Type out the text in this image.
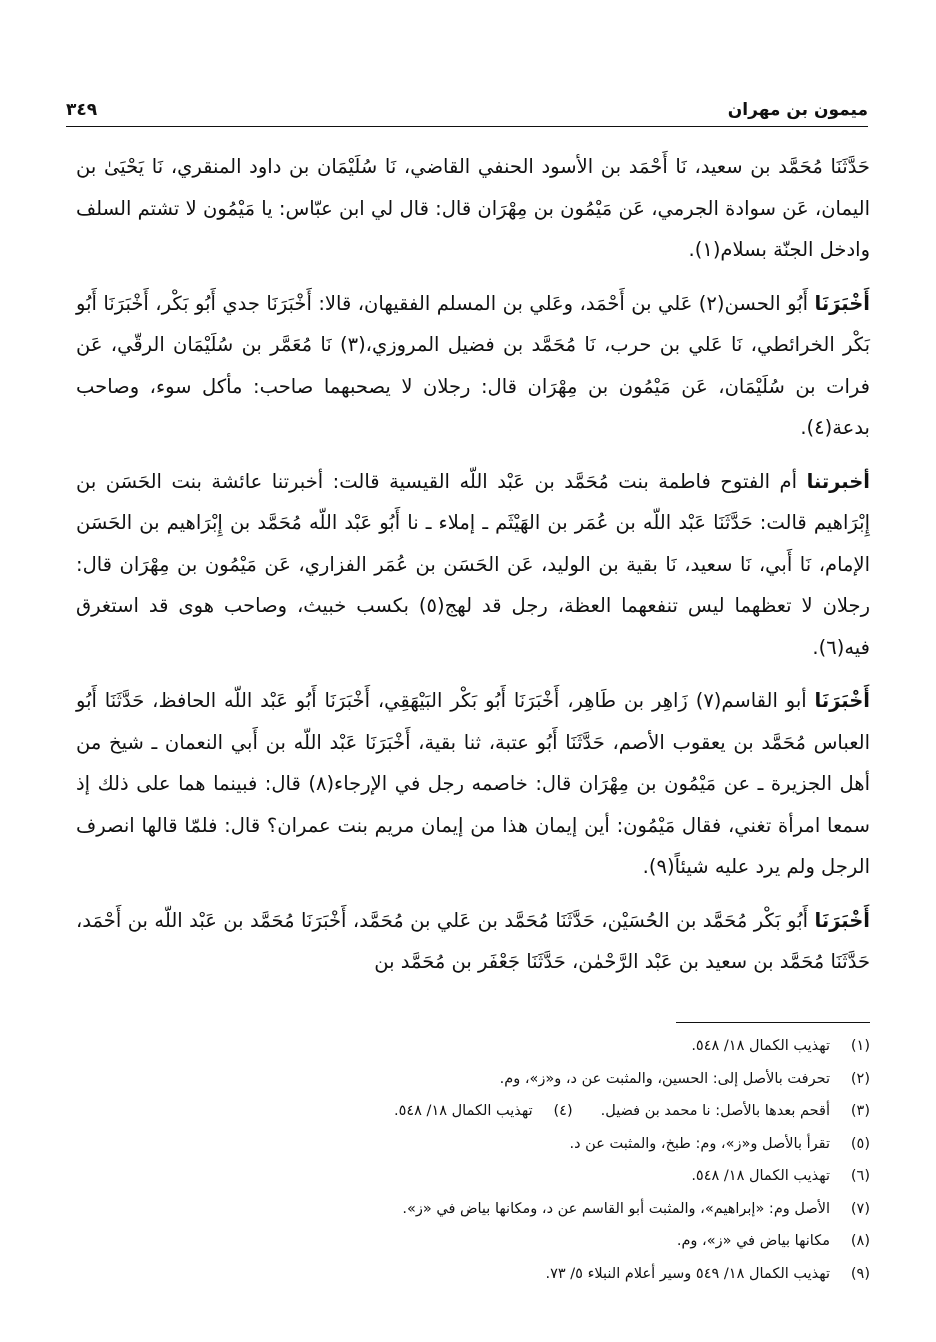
ميمون بن مهران
٣٤٩

حَدَّثَنَا مُحَمَّد بن سعيد، نَا أَحْمَد بن الأسود الحنفي القاضي، نَا سُلَيْمَان بن داود المنقري، نَا يَحْيَىٰ بن اليمان، عَن سوادة الجرمي، عَن مَيْمُون بن مِهْرَان قال: قال لي ابن عبّاس: يا مَيْمُون لا تشتم السلف وادخل الجنّة بسلام(١).

أَخْبَرَنَا أَبُو الحسن(٢) عَلي بن أَحْمَد، وعَلي بن المسلم الفقيهان، قالا: أَخْبَرَنَا جدي أَبُو بَكْر، أَخْبَرَنَا أَبُو بَكْر الخرائطي، نَا عَلي بن حرب، نَا مُحَمَّد بن فضيل المروزي،(٣) نَا مُعَمَّر بن سُلَيْمَان الرقّي، عَن فرات بن سُلَيْمَان، عَن مَيْمُون بن مِهْرَان قال: رجلان لا يصحبهما صاحب: مأكل سوء، وصاحب بدعة(٤).

أخبرتنا أم الفتوح فاطمة بنت مُحَمَّد بن عَبْد اللّه القيسية قالت: أخبرتنا عائشة بنت الحَسَن بن إِبْرَاهيم قالت: حَدَّثَنَا عَبْد اللّه بن عُمَر بن الهَيْثَم ـ إملاء ـ نا أَبُو عَبْد اللّه مُحَمَّد بن إِبْرَاهيم بن الحَسَن الإمام، نَا أَبي، نَا سعيد، نَا بقية بن الوليد، عَن الحَسَن بن عُمَر الفزاري، عَن مَيْمُون بن مِهْرَان قال: رجلان لا تعظهما ليس تنفعهما العظة، رجل قد لهج(٥) بكسب خبيث، وصاحب هوى قد استغرق فيه(٦).

أَخْبَرَنَا أبو القاسم(٧) زَاهِر بن طَاهِر، أَخْبَرَنَا أَبُو بَكْر البَيْهَقِي، أَخْبَرَنَا أَبُو عَبْد اللّه الحافظ، حَدَّثَنَا أَبُو العباس مُحَمَّد بن يعقوب الأصم، حَدَّثَنَا أَبُو عتبة، ثنا بقية، أَخْبَرَنَا عَبْد اللّه بن أَبي النعمان ـ شيخ من أهل الجزيرة ـ عن مَيْمُون بن مِهْرَان قال: خاصمه رجل في الإرجاء(٨) قال: فبينما هما على ذلك إذ سمعا امرأة تغني، فقال مَيْمُون: أين إيمان هذا من إيمان مريم بنت عمران؟ قال: فلمّا قالها انصرف الرجل ولم يرد عليه شيئاً(٩).

أَخْبَرَنَا أَبُو بَكْر مُحَمَّد بن الحُسَيْن، حَدَّثَنَا مُحَمَّد بن عَلي بن مُحَمَّد، أَخْبَرَنَا مُحَمَّد بن عَبْد اللّه بن أَحْمَد، حَدَّثَنَا مُحَمَّد بن سعيد بن عَبْد الرَّحْمٰن، حَدَّثَنَا جَعْفَر بن مُحَمَّد بن

(١)
تهذيب الكمال ١٨/ ٥٤٨.
(٢)
تحرفت بالأصل إلى: الحسين، والمثبت عن د، و«ز»، وم.
(٣)
أقحم بعدها بالأصل: نا محمد بن فضيل.
(٤)
تهذيب الكمال ١٨/ ٥٤٨.
(٥)
تقرأ بالأصل و«ز»، وم: طبخ، والمثبت عن د.
(٦)
تهذيب الكمال ١٨/ ٥٤٨.
(٧)
الأصل وم: «إبراهيم»، والمثبت أبو القاسم عن د، ومكانها بياض في «ز».
(٨)
مكانها بياض في «ز»، وم.
(٩)
تهذيب الكمال ١٨/ ٥٤٩ وسير أعلام النبلاء ٥/ ٧٣.
